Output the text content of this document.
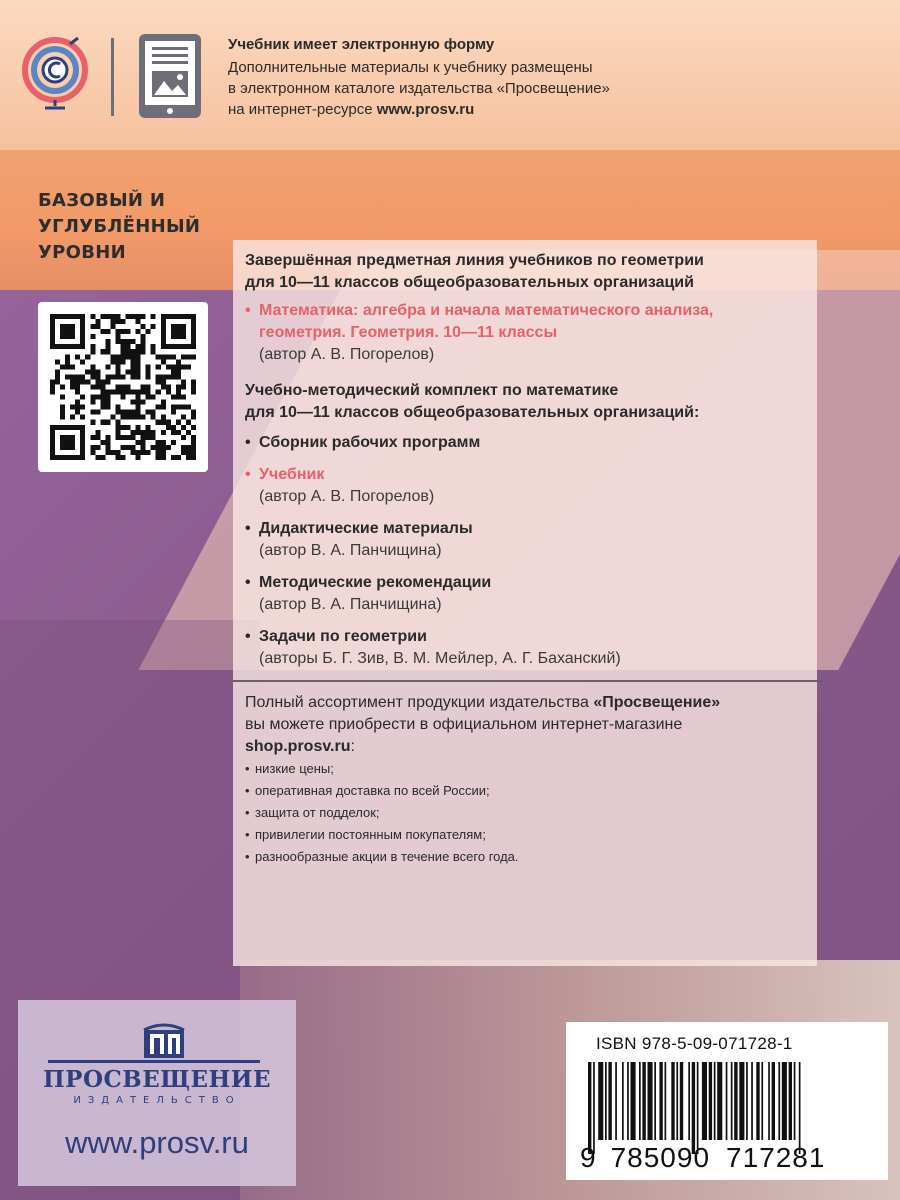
Учебник имеет электронную форму
Дополнительные материалы к учебнику размещены
в электронном каталоге издательства «Просвещение»
на интернет-ресурсе www.prosv.ru
БАЗОВЫЙ И
УГЛУБЛЁННЫЙ
УРОВНИ	Завершённая предметная линия учебников по геометрии
для 10—11 классов общеобразовательных организаций
• Математика: алгебра и начала математического анализа,
геометрия. Геометрия. 10—11 классы
(автор А. В. Погорелов)
Учебно-методический комплект по математике
для 10—11 классов общеобразовательных организаций:
• Сборник рабочих программ
• Учебник
(автор А. В. Погорелов)
• Дидактические материалы
(автор В. А. Панчищина)
• Методические рекомендации
(автор В. А. Панчищина)
• Задачи по геометрии
(авторы Б. Г. Зив, В. М. Мейлер, А. Г. Баханский)
Полный ассортимент продукции издательства «Просвещение»
вы можете приобрести в официальном интернет-магазине
shop.prosv.ru:
• низкие цены;
• оперативная доставка по всей России;
• защита от подделок;
• привилегии постоянным покупателям;
• разнообразные акции в течение всего года.
ПРОСВЕЩЕНИЕ
ИЗДАТЕЛЬСТВО
www.prosv.ru
ISBN 978-5-09-071728-1
9 785090 717281
